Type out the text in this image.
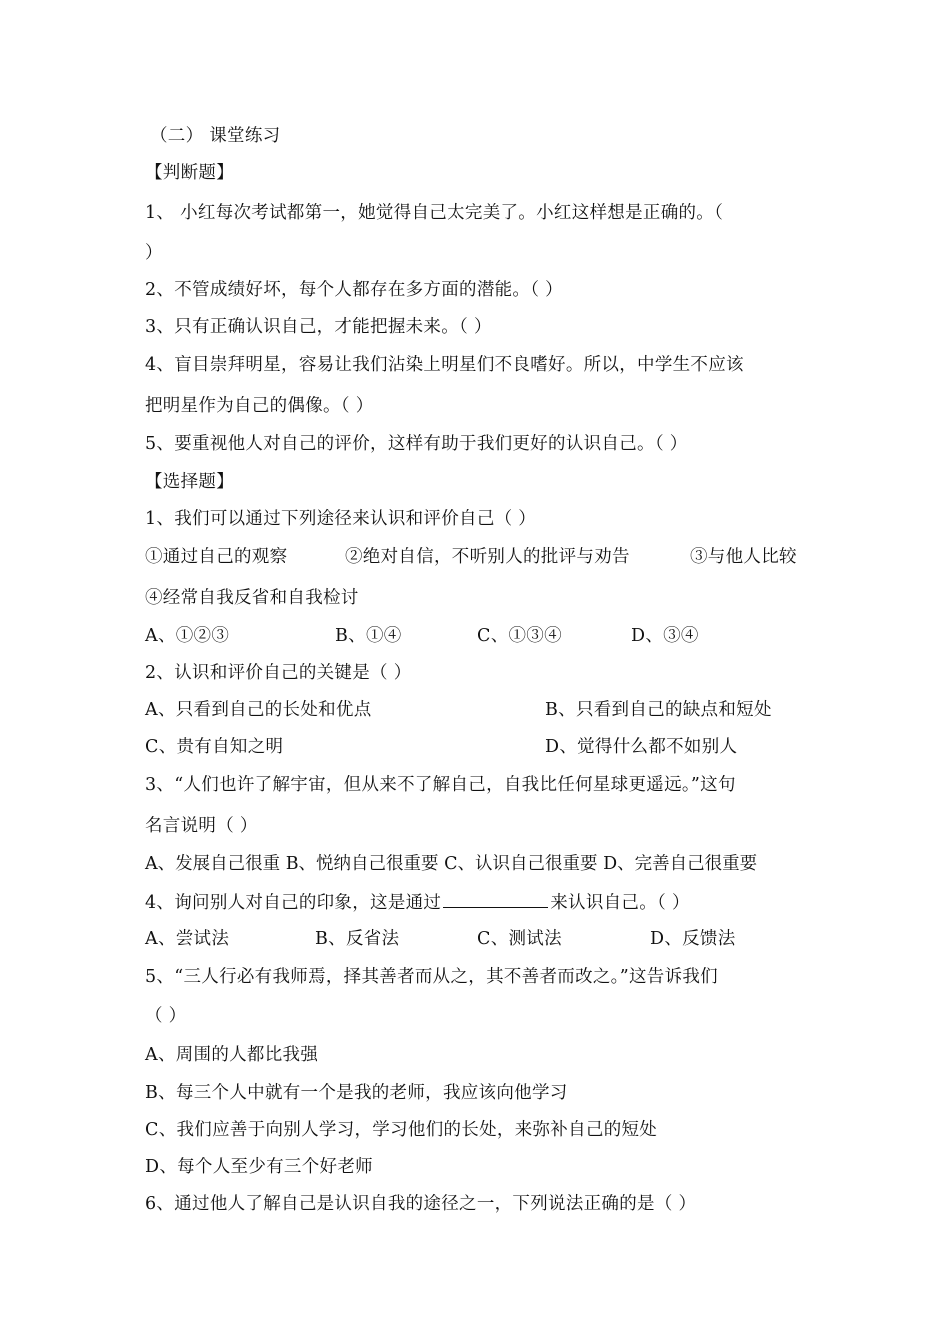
（二） 课堂练习
【判断题】
1、 小红每次考试都第一，她觉得自己太完美了。小红这样想是正确的。（
）
2、不管成绩好坏，每个人都存在多方面的潜能。（ ）
3、只有正确认识自己，才能把握未来。（ ）
4、盲目崇拜明星，容易让我们沾染上明星们不良嗜好。所以，中学生不应该
把明星作为自己的偶像。（ ）
5、要重视他人对自己的评价，这样有助于我们更好的认识自己。（ ）
【选择题】
1、我们可以通过下列途径来认识和评价自己（ ）
①通过自己的观察	②绝对自信，不听别人的批评与劝告	③与他人比较
④经常自我反省和自我检讨
A、①②③	B、①④	C、①③④	D、③④
2、认识和评价自己的关键是（ ）
A、只看到自己的长处和优点	B、只看到自己的缺点和短处
C、贵有自知之明	D、觉得什么都不如别人
3、“人们也许了解宇宙，但从来不了解自己，自我比任何星球更遥远。”这句
名言说明（ ）
A、发展自己很重 B、悦纳自己很重要 C、认识自己很重要 D、完善自己很重要
4、询问别人对自己的印象，这是通过	来认识自己。（ ）
A、尝试法	B、反省法	C、测试法	D、反馈法
5、“三人行必有我师焉，择其善者而从之，其不善者而改之。”这告诉我们
（ ）
A、周围的人都比我强
B、每三个人中就有一个是我的老师，我应该向他学习
C、我们应善于向别人学习，学习他们的长处，来弥补自己的短处
D、每个人至少有三个好老师
6、通过他人了解自己是认识自我的途径之一，下列说法正确的是（ ）
